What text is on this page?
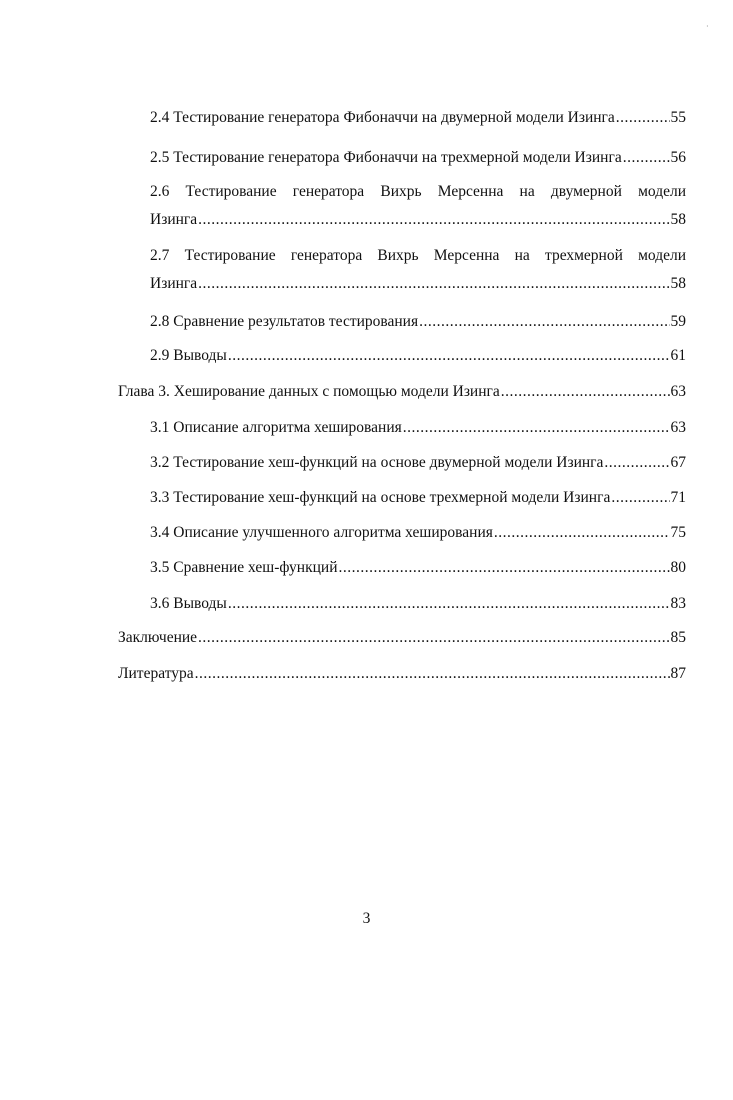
·
2.4 Тестирование генератора Фибоначчи на двумерной модели Изинга .....	55
2.5 Тестирование генератора Фибоначчи на трехмерной модели Изинга .....	56
2.6 Тестирование генератора Вихрь Мерсенна на двумерной модели
Изинга .....	58
2.7 Тестирование генератора Вихрь Мерсенна на трехмерной модели
Изинга .....	58
2.8 Сравнение результатов тестирования .....	59
2.9 Выводы .....	61
Глава 3. Хеширование данных с помощью модели Изинга .....	63
3.1 Описание алгоритма хеширования .....	63
3.2 Тестирование хеш-функций на основе двумерной модели Изинга .....	67
3.3 Тестирование хеш-функций на основе трехмерной модели Изинга .....	71
3.4 Описание улучшенного алгоритма хеширования .....	75
3.5 Сравнение хеш-функций .....	80
3.6 Выводы .....	83
Заключение .....	85
Литература .....	87
3
